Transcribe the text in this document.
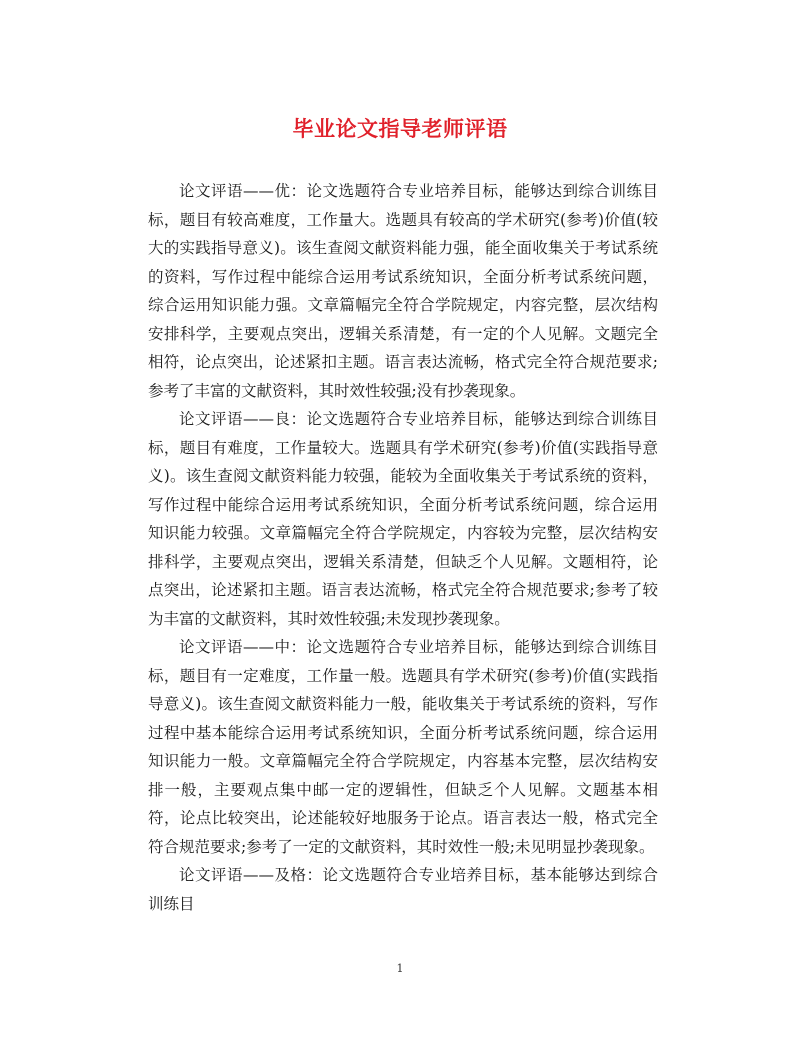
毕业论文指导老师评语

论文评语——优：论文选题符合专业培养目标，能够达到综合训练目标，题目有较高难度，工作量大。选题具有较高的学术研究(参考)价值(较大的实践指导意义)。该生查阅文献资料能力强，能全面收集关于考试系统的资料，写作过程中能综合运用考试系统知识，全面分析考试系统问题，综合运用知识能力强。文章篇幅完全符合学院规定，内容完整，层次结构安排科学，主要观点突出，逻辑关系清楚，有一定的个人见解。文题完全相符，论点突出，论述紧扣主题。语言表达流畅，格式完全符合规范要求;参考了丰富的文献资料，其时效性较强;没有抄袭现象。

论文评语——良：论文选题符合专业培养目标，能够达到综合训练目标，题目有难度，工作量较大。选题具有学术研究(参考)价值(实践指导意义)。该生查阅文献资料能力较强，能较为全面收集关于考试系统的资料，写作过程中能综合运用考试系统知识，全面分析考试系统问题，综合运用知识能力较强。文章篇幅完全符合学院规定，内容较为完整，层次结构安排科学，主要观点突出，逻辑关系清楚，但缺乏个人见解。文题相符，论点突出，论述紧扣主题。语言表达流畅，格式完全符合规范要求;参考了较为丰富的文献资料，其时效性较强;未发现抄袭现象。

论文评语——中：论文选题符合专业培养目标，能够达到综合训练目标，题目有一定难度，工作量一般。选题具有学术研究(参考)价值(实践指导意义)。该生查阅文献资料能力一般，能收集关于考试系统的资料，写作过程中基本能综合运用考试系统知识，全面分析考试系统问题，综合运用知识能力一般。文章篇幅完全符合学院规定，内容基本完整，层次结构安排一般，主要观点集中邮一定的逻辑性，但缺乏个人见解。文题基本相符，论点比较突出，论述能较好地服务于论点。语言表达一般，格式完全符合规范要求;参考了一定的文献资料，其时效性一般;未见明显抄袭现象。

论文评语——及格：论文选题符合专业培养目标，基本能够达到综合训练目

1
